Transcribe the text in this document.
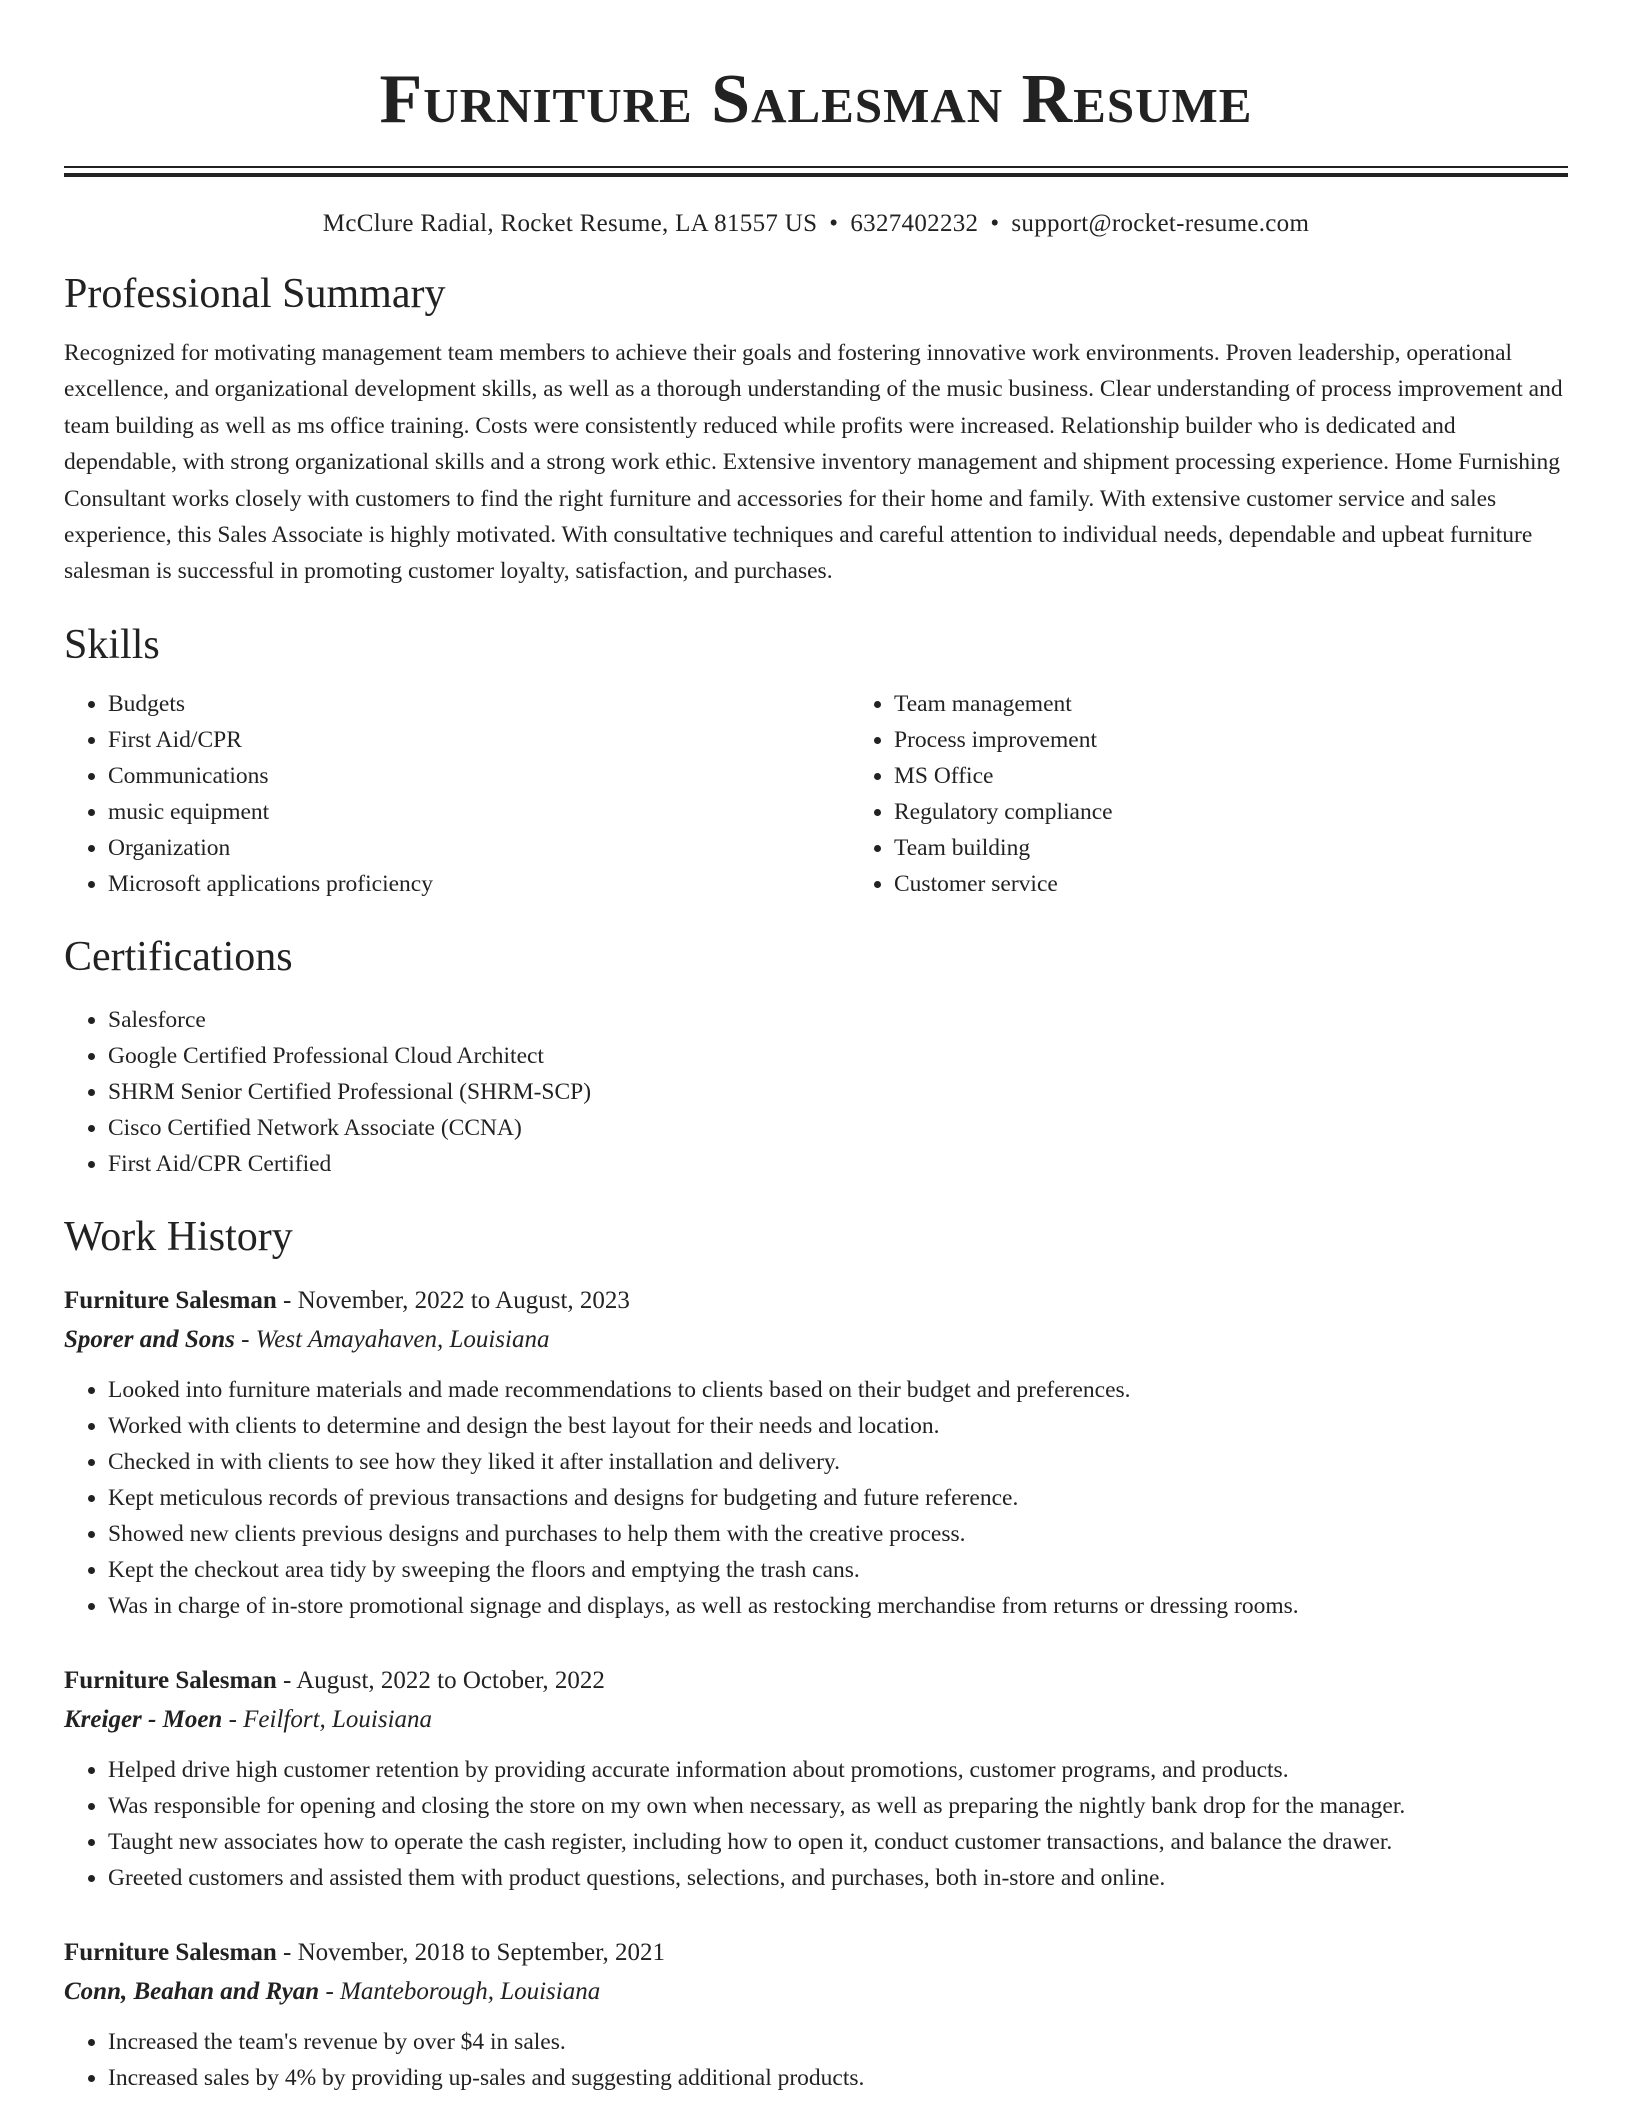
Furniture Salesman Resume
McClure Radial, Rocket Resume, LA 81557 US • 6327402232 • support@rocket-resume.com
Professional Summary

Recognized for motivating management team members to achieve their goals and fostering innovative work environments. Proven leadership, operational excellence, and organizational development skills, as well as a thorough understanding of the music business. Clear understanding of process improvement and team building as well as ms office training. Costs were consistently reduced while profits were increased. Relationship builder who is dedicated and dependable, with strong organizational skills and a strong work ethic. Extensive inventory management and shipment processing experience. Home Furnishing Consultant works closely with customers to find the right furniture and accessories for their home and family. With extensive customer service and sales experience, this Sales Associate is highly motivated. With consultative techniques and careful attention to individual needs, dependable and upbeat furniture salesman is successful in promoting customer loyalty, satisfaction, and purchases.

Skills
• Budgets
• First Aid/CPR
• Communications
• music equipment
• Organization
• Microsoft applications proficiency
• Team management
• Process improvement
• MS Office
• Regulatory compliance
• Team building
• Customer service
Certifications
• Salesforce
• Google Certified Professional Cloud Architect
• SHRM Senior Certified Professional (SHRM-SCP)
• Cisco Certified Network Associate (CCNA)
• First Aid/CPR Certified
Work History
Furniture Salesman - November, 2022 to August, 2023
Sporer and Sons - West Amayahaven, Louisiana
• Looked into furniture materials and made recommendations to clients based on their budget and preferences.
• Worked with clients to determine and design the best layout for their needs and location.
• Checked in with clients to see how they liked it after installation and delivery.
• Kept meticulous records of previous transactions and designs for budgeting and future reference.
• Showed new clients previous designs and purchases to help them with the creative process.
• Kept the checkout area tidy by sweeping the floors and emptying the trash cans.
• Was in charge of in-store promotional signage and displays, as well as restocking merchandise from returns or dressing rooms.
Furniture Salesman - August, 2022 to October, 2022
Kreiger - Moen - Feilfort, Louisiana
• Helped drive high customer retention by providing accurate information about promotions, customer programs, and products.
• Was responsible for opening and closing the store on my own when necessary, as well as preparing the nightly bank drop for the manager.
• Taught new associates how to operate the cash register, including how to open it, conduct customer transactions, and balance the drawer.
• Greeted customers and assisted them with product questions, selections, and purchases, both in-store and online.
Furniture Salesman - November, 2018 to September, 2021
Conn, Beahan and Ryan - Manteborough, Louisiana
• Increased the team's revenue by over $4 in sales.
• Increased sales by 4% by providing up-sales and suggesting additional products.
